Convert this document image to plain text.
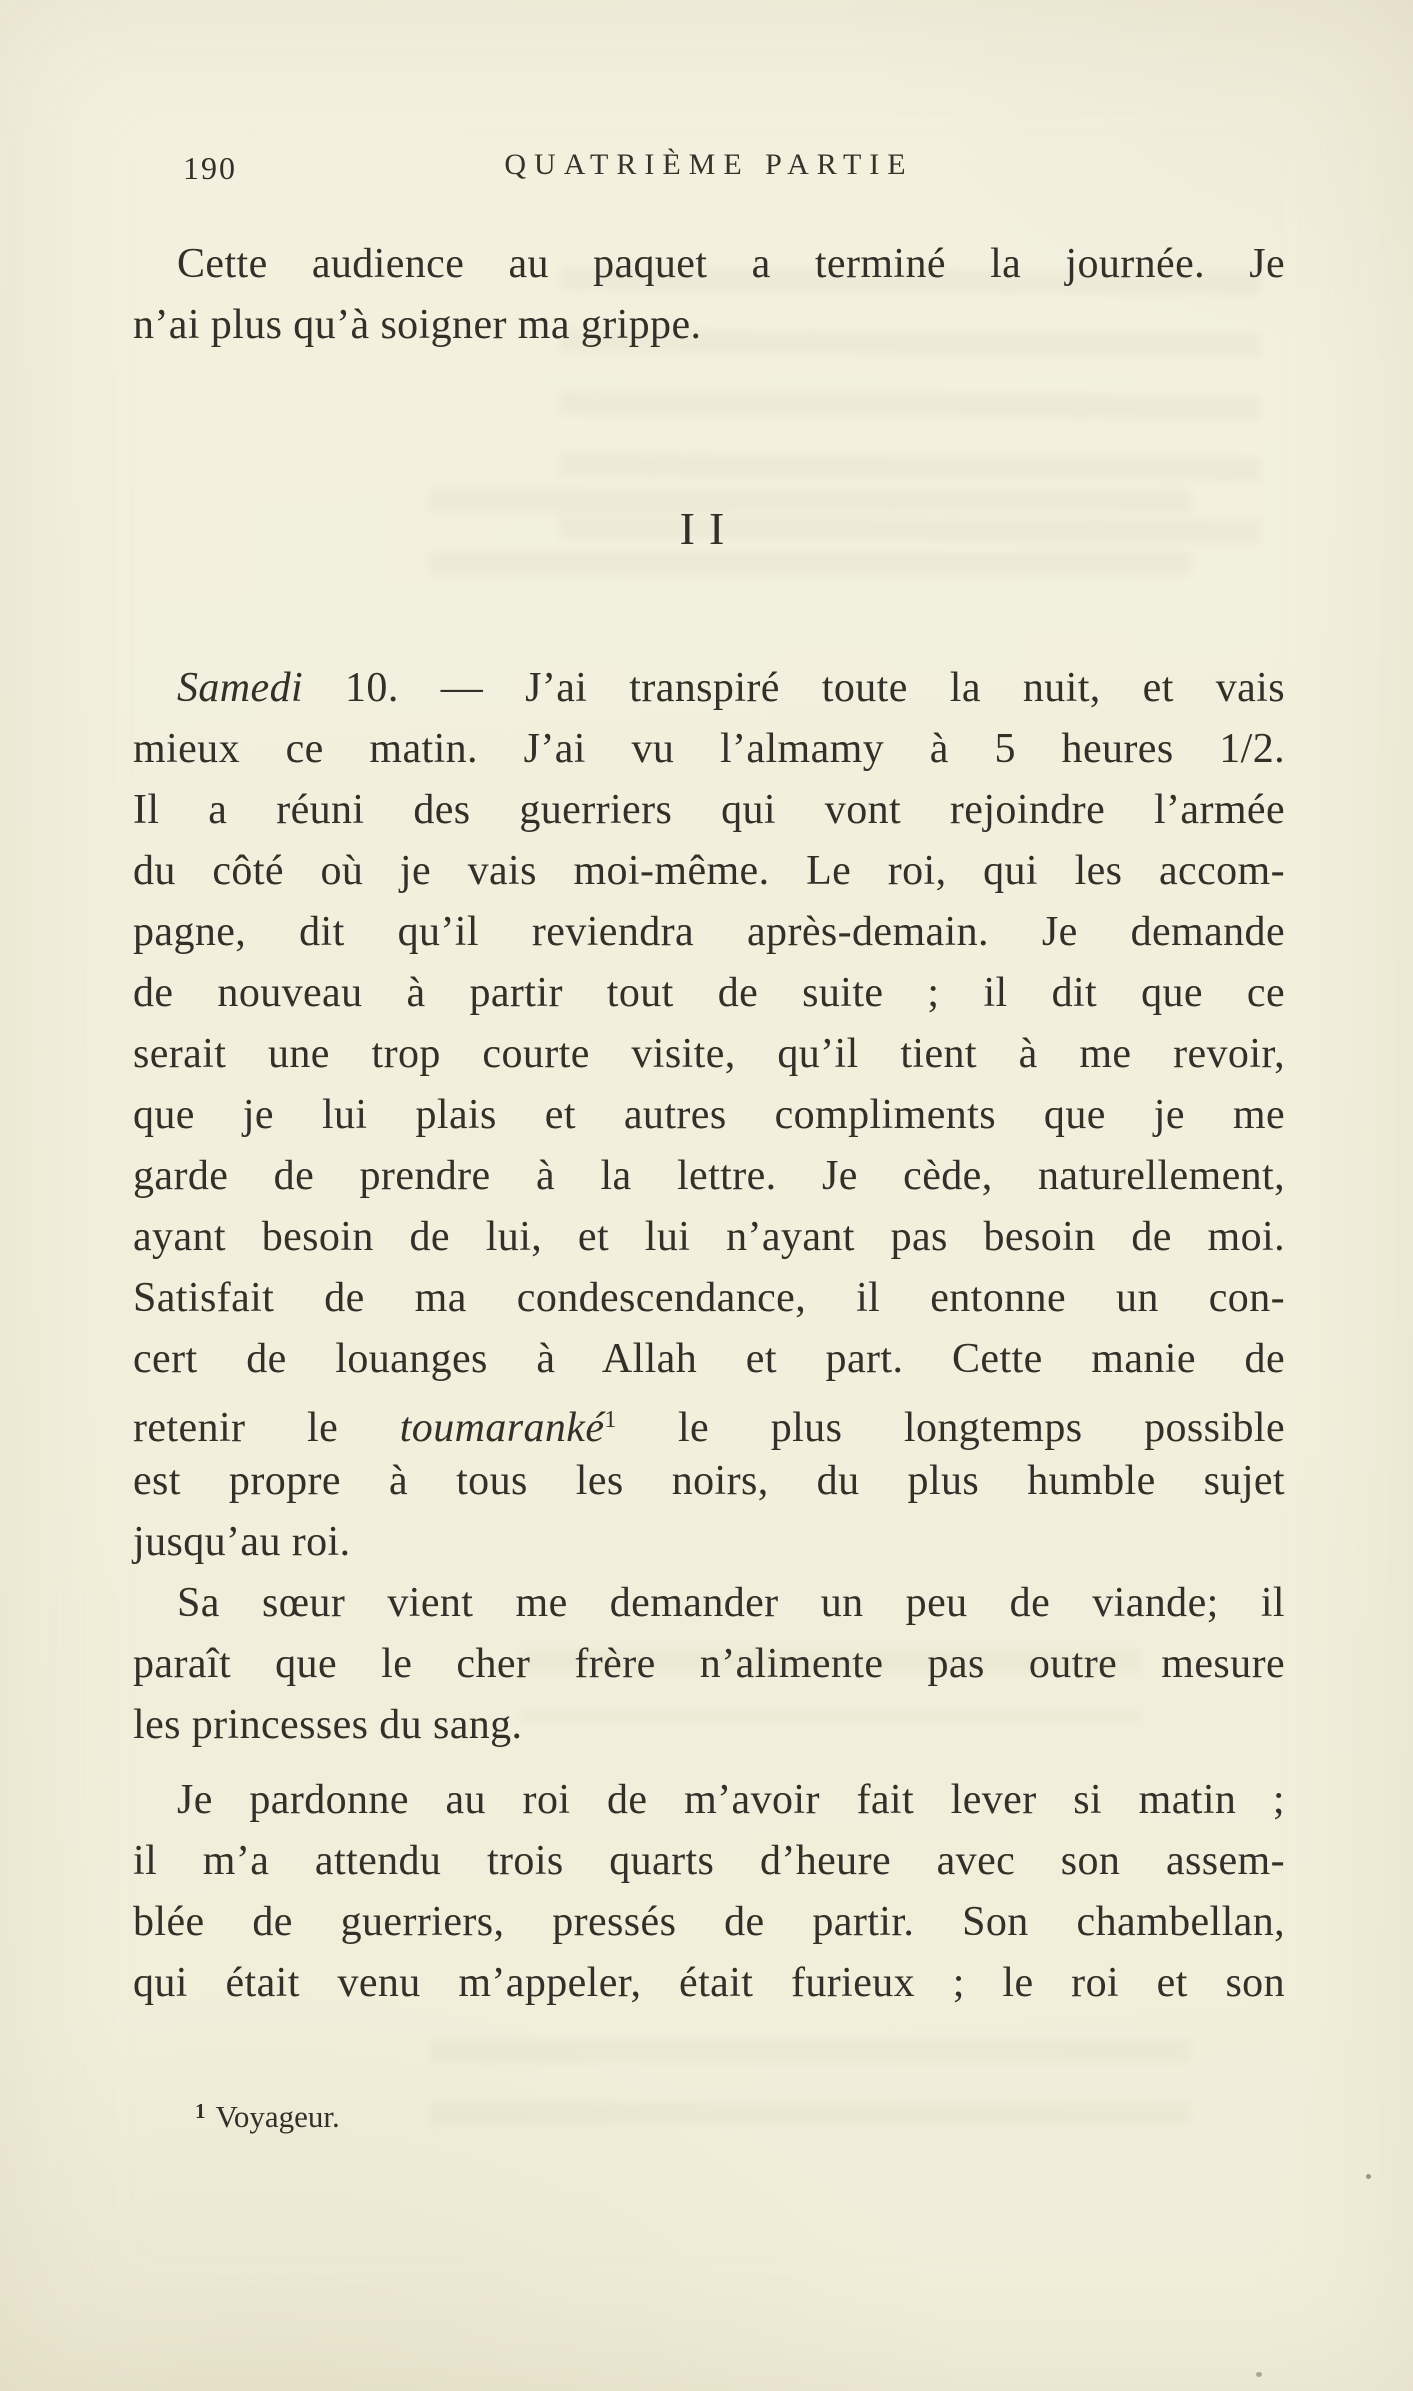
190	QUATRIÈME PARTIE
Cette audience au paquet a terminé la journée. Je
n’ai plus qu’à soigner ma grippe.
II
Samedi 10. — J’ai transpiré toute la nuit, et vais
mieux ce matin. J’ai vu l’almamy à 5 heures 1/2.
Il a réuni des guerriers qui vont rejoindre l’armée
du côté où je vais moi-même. Le roi, qui les accom-
pagne, dit qu’il reviendra après-demain. Je demande
de nouveau à partir tout de suite ; il dit que ce
serait une trop courte visite, qu’il tient à me revoir,
que je lui plais et autres compliments que je me
garde de prendre à la lettre. Je cède, naturellement,
ayant besoin de lui, et lui n’ayant pas besoin de moi.
Satisfait de ma condescendance, il entonne un con-
cert de louanges à Allah et part. Cette manie de
retenir le toumaranké$^1$ le plus longtemps possible
est propre à tous les noirs, du plus humble sujet
jusqu’au roi.
Sa sœur vient me demander un peu de viande; il
paraît que le cher frère n’alimente pas outre mesure
les princesses du sang.
Je pardonne au roi de m’avoir fait lever si matin ;
il m’a attendu trois quarts d’heure avec son assem-
blée de guerriers, pressés de partir. Son chambellan,
qui était venu m’appeler, était furieux ; le roi et son
$^1$ Voyageur.
